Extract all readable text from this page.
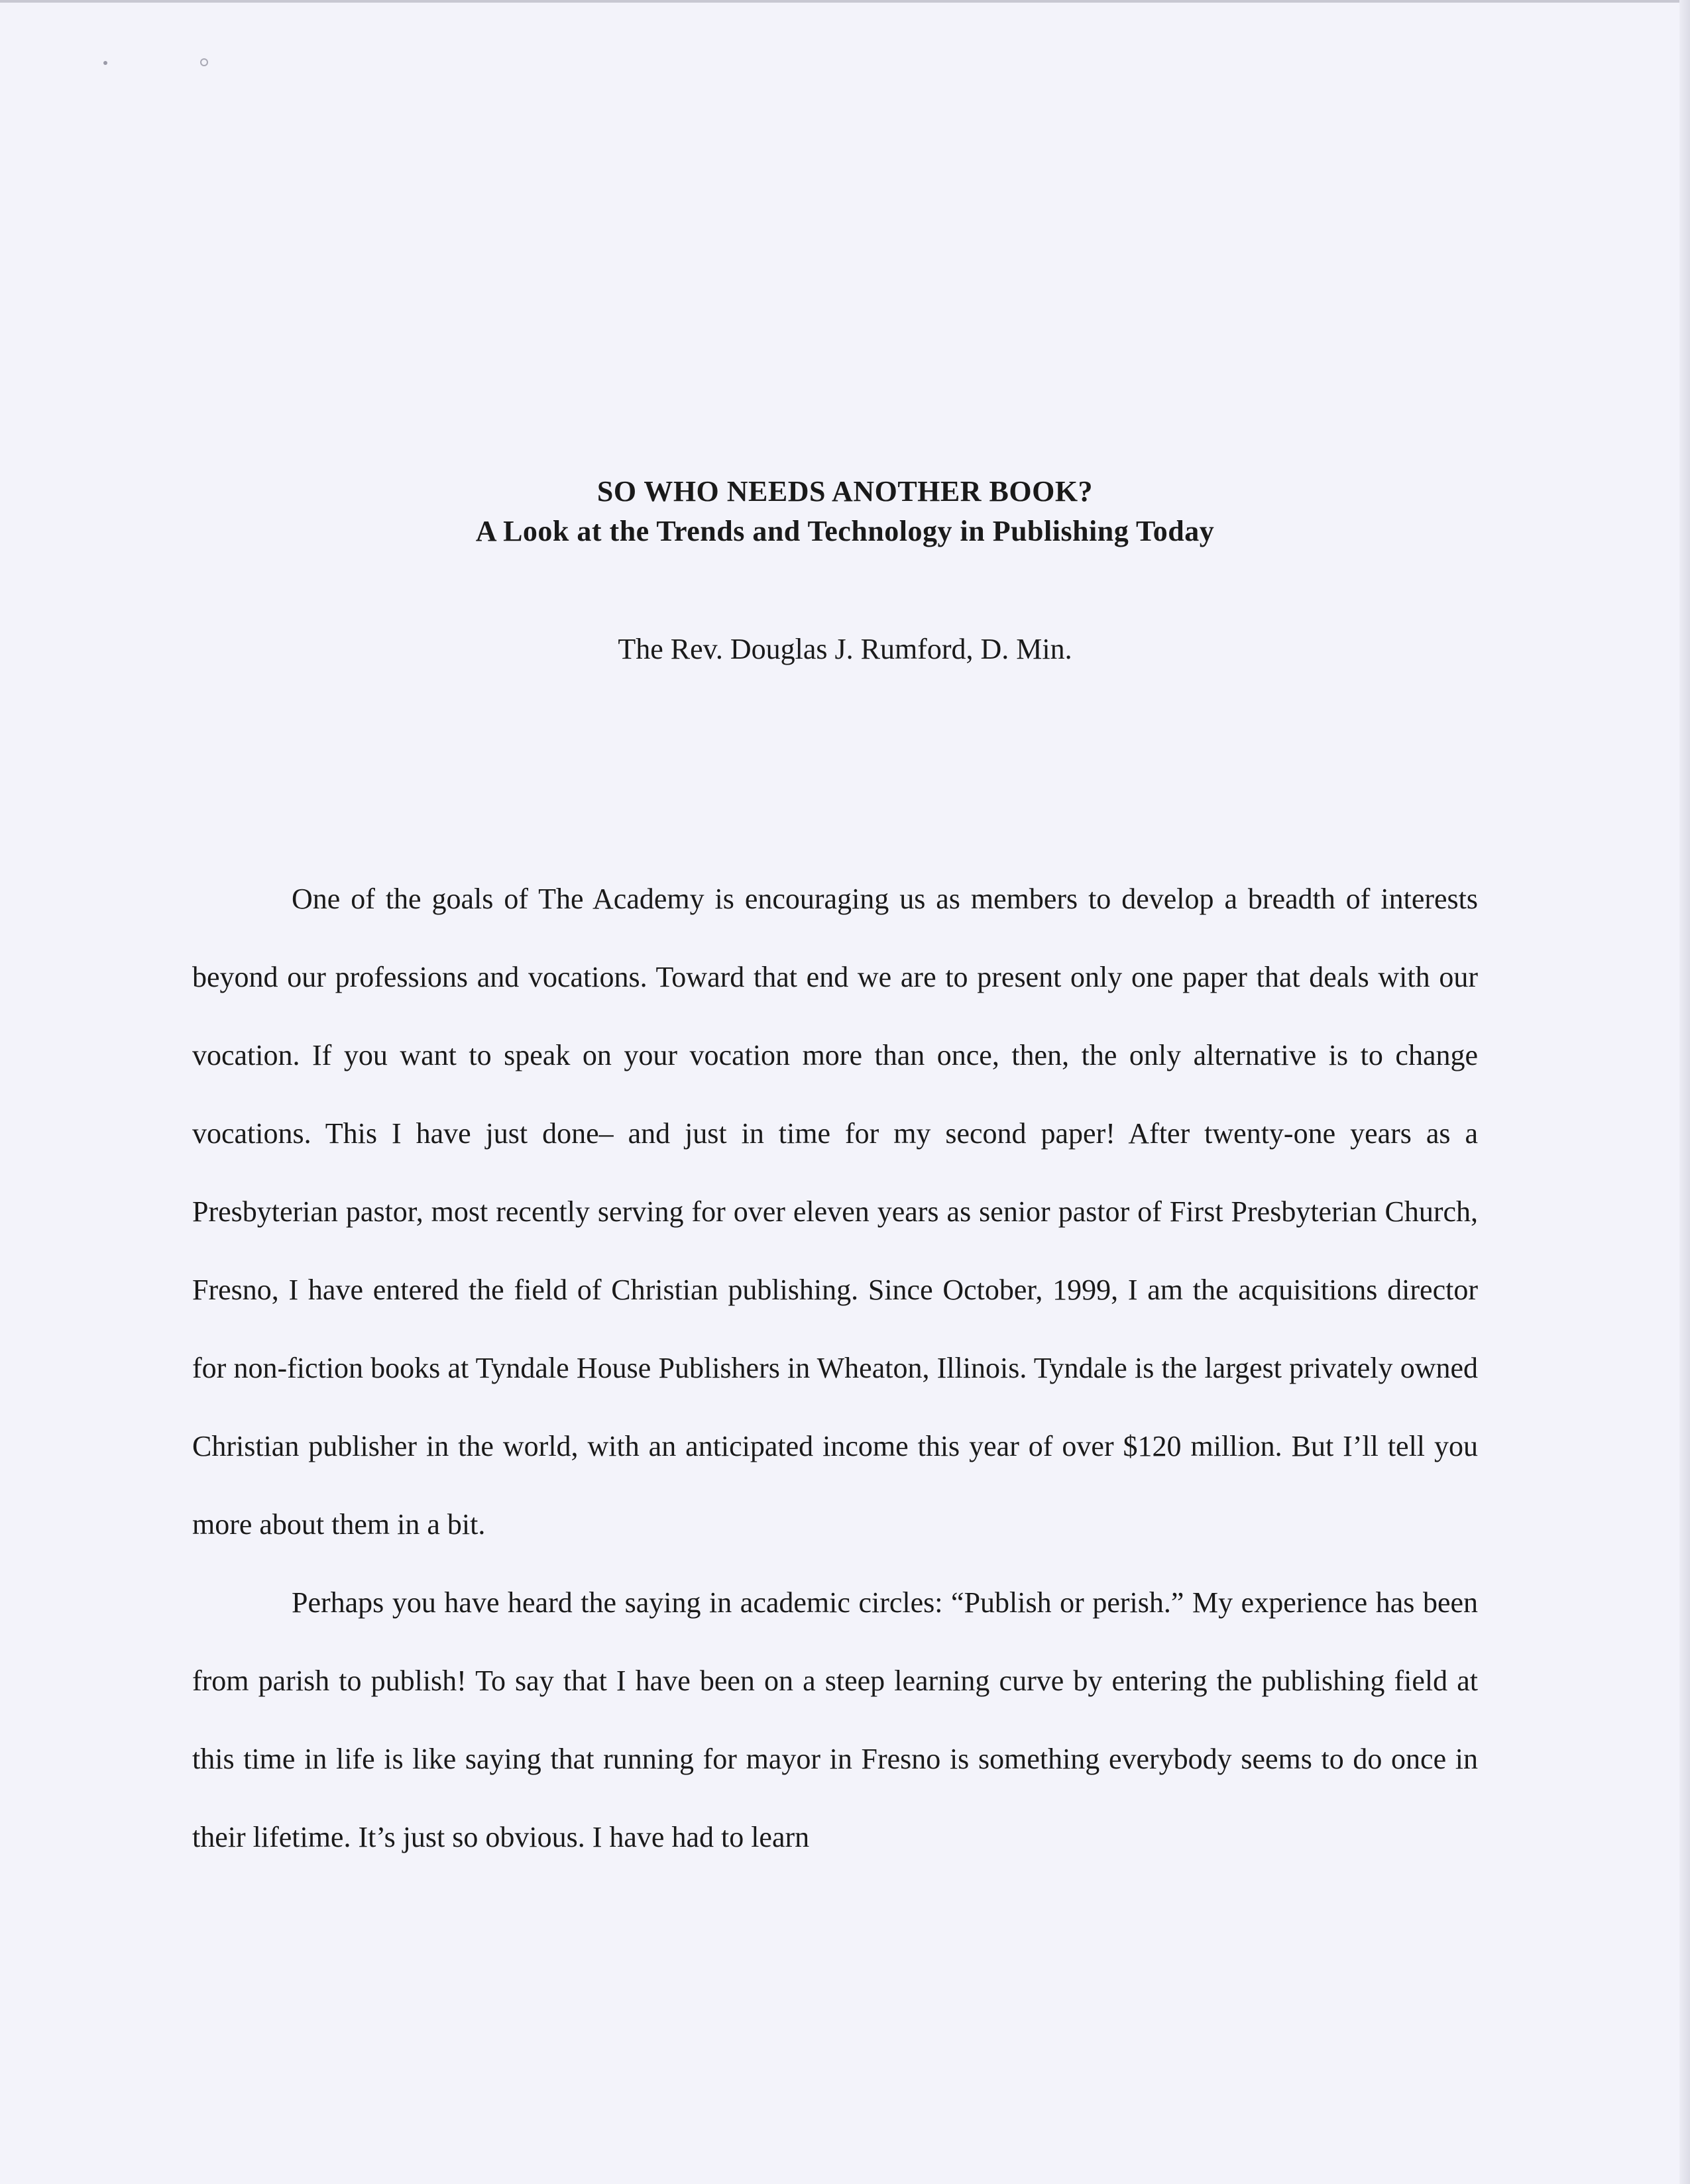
SO WHO NEEDS ANOTHER BOOK?

A Look at the Trends and Technology in Publishing Today

The Rev. Douglas J. Rumford, D. Min.

One of the goals of The Academy is encouraging us as members to develop a breadth of interests beyond our professions and vocations. Toward that end we are to present only one paper that deals with our vocation. If you want to speak on your vocation more than once, then, the only alternative is to change vocations. This I have just done– and just in time for my second paper! After twenty-one years as a Presbyterian pastor, most recently serving for over eleven years as senior pastor of First Presbyterian Church, Fresno, I have entered the field of Christian publishing. Since October, 1999, I am the acquisitions director for non-fiction books at Tyndale House Publishers in Wheaton, Illinois. Tyndale is the largest privately owned Christian publisher in the world, with an anticipated income this year of over $120 million. But I’ll tell you more about them in a bit.

Perhaps you have heard the saying in academic circles: “Publish or perish.” My experience has been from parish to publish! To say that I have been on a steep learning curve by entering the publishing field at this time in life is like saying that running for mayor in Fresno is something everybody seems to do once in their lifetime. It’s just so obvious. I have had to learn
